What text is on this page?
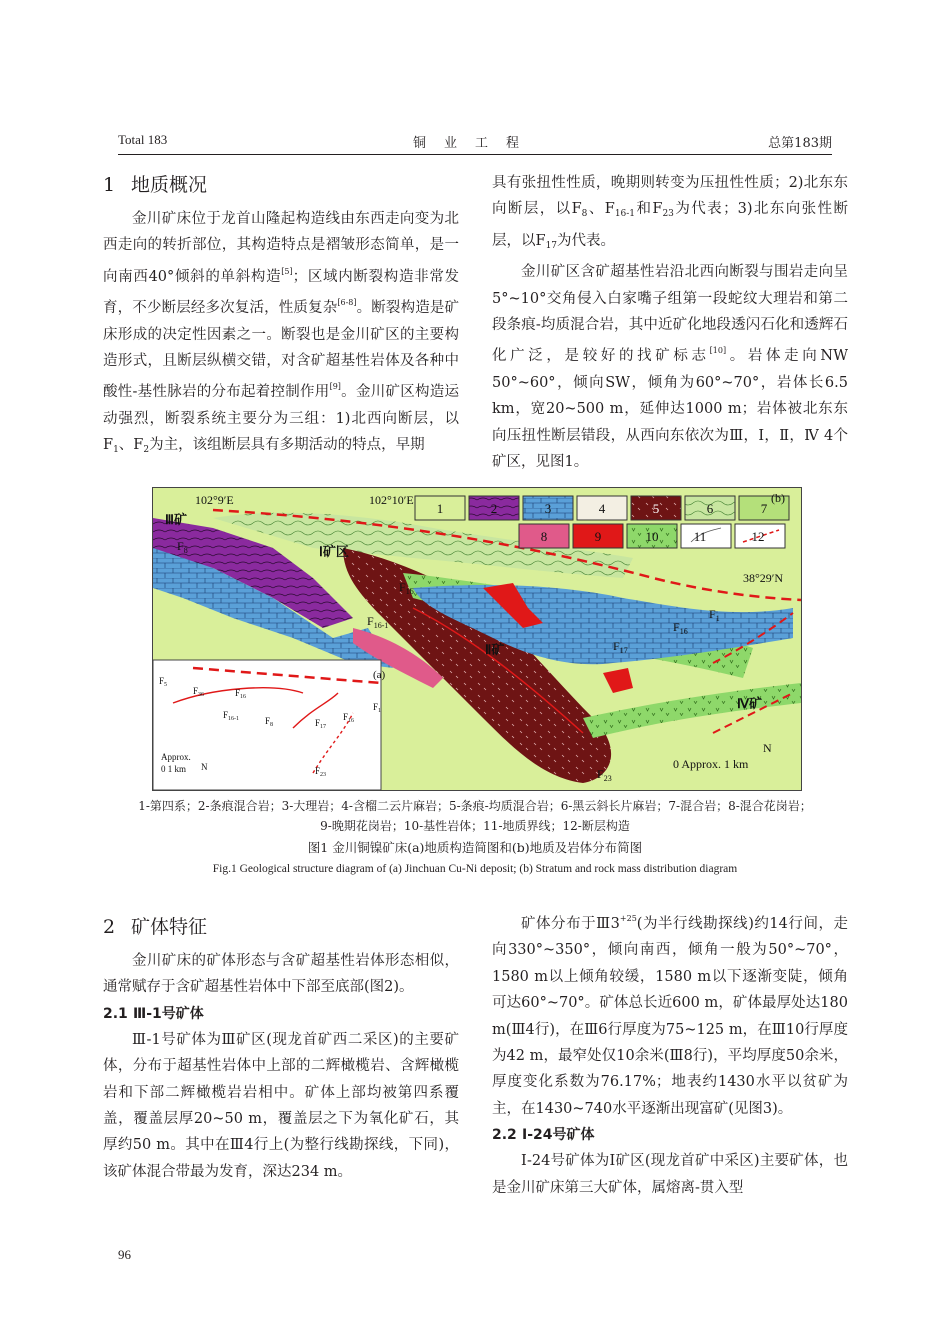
Total 183	铜业工程	总第183期
1 地质概况

金川矿床位于龙首山隆起构造线由东西走向变为北西走向的转折部位，其构造特点是褶皱形态简单，是一向南西40°倾斜的单斜构造[5]；区域内断裂构造非常发育，不少断层经多次复活，性质复杂[6-8]。断裂构造是矿床形成的决定性因素之一。断裂也是金川矿区的主要构造形式，且断层纵横交错，对含矿超基性岩体及各种中酸性-基性脉岩的分布起着控制作用[9]。金川矿区构造运动强烈，断裂系统主要分为三组：1)北西向断层，以$F_1$、$F_2$为主，该组断层具有多期活动的特点，早期

具有张扭性性质，晚期则转变为压扭性性质；2)北东东向断层，以$F_8$、$F_{16-1}$和$F_{23}$为代表；3)北东向张性断层，以$F_{17}$为代表。

金川矿区含矿超基性岩沿北西向断裂与围岩走向呈5°~10°交角侵入白家嘴子组第一段蛇纹大理岩和第二段条痕-均质混合岩，其中近矿化地段透闪石化和透辉石化广泛，是较好的找矿标志[10]。岩体走向NW 50°~60°，倾向SW，倾角为60°~70°，岩体长6.5 km，宽20~500 m，延伸达1000 m；岩体被北东东向压扭性断层错段，从西向东依次为Ⅲ，Ⅰ，Ⅱ，Ⅳ 4个矿区，见图1。

1	2	3	4	5	6	7
8	9	10	11	12
102°9′E	102°10′E
38°29′N
(b)
Ⅲ矿
Ⅰ矿区
Ⅱ矿
Ⅳ矿
$F_8$
$F_{16}$
$F_{16-1}$	$F_{16}$
$F_{17}$
$F_1$
$F_{23}$
0 Approx. 1 km
N
(a)
$F_5$
$F_{36}$	$F_{16}$
$F_{16-1}$	$F_8$	$F_{17}$
$F_{16}$
$F_1$
$F_{23}$
Approx.
0 1 km N
1-第四系；2-条痕混合岩；3-大理岩；4-含榴二云片麻岩；5-条痕-均质混合岩；6-黑云斜长片麻岩；7-混合岩；8-混合花岗岩；
9-晚期花岗岩；10-基性岩体；11-地质界线；12-断层构造
图1 金川铜镍矿床(a)地质构造简图和(b)地质及岩体分布简图
Fig.1 Geological structure diagram of (a) Jinchuan Cu-Ni deposit; (b) Stratum and rock mass distribution diagram
2 矿体特征

金川矿床的矿体形态与含矿超基性岩体形态相似，通常赋存于含矿超基性岩体中下部至底部(图2)。

2.1 Ⅲ-1号矿体

Ⅲ-1号矿体为Ⅲ矿区(现龙首矿西二采区)的主要矿体，分布于超基性岩体中上部的二辉橄榄岩、含辉橄榄岩和下部二辉橄榄岩岩相中。矿体上部均被第四系覆盖，覆盖层厚20~50 m，覆盖层之下为氧化矿石，其厚约50 m。其中在Ⅲ4行上(为整行线勘探线，下同)，该矿体混合带最为发育，深达234 m。

矿体分布于$Ⅲ3^{+25}$(为半行线勘探线)约14行间，走向330°~350°，倾向南西，倾角一般为50°~70°，1580 m以上倾角较缓，1580 m以下逐渐变陡，倾角可达60°~70°。矿体总长近600 m，矿体最厚处达180 m(Ⅲ4行)，在Ⅲ6行厚度为75~125 m，在Ⅲ10行厚度为42 m，最窄处仅10余米(Ⅲ8行)，平均厚度50余米，厚度变化系数为76.17%；地表约1430水平以贫矿为主，在1430~740水平逐渐出现富矿(见图3)。

2.2 Ⅰ-24号矿体

Ⅰ-24号矿体为Ⅰ矿区(现龙首矿中采区)主要矿体，也是金川矿床第三大矿体，属熔离-贯入型

96
